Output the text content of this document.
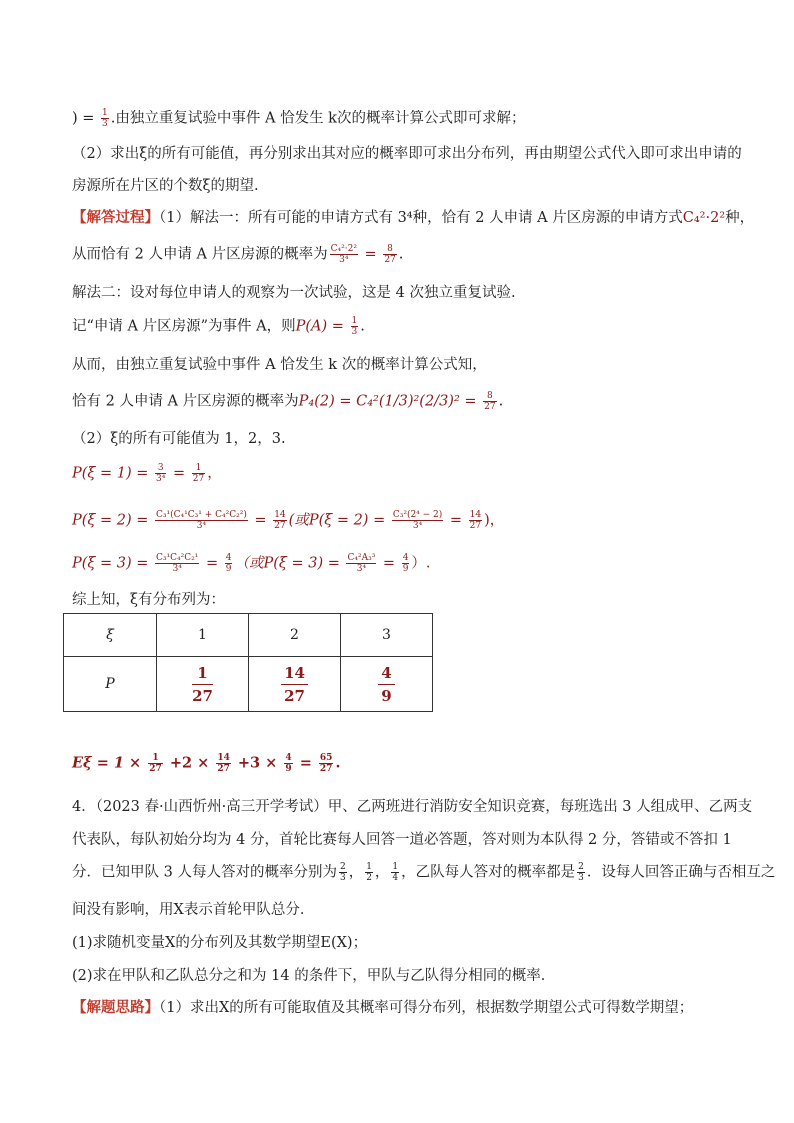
) = $\frac{1}{3}$ .由独立重复试验中事件 A 恰发生 k次的概率计算公式即可求解；
（2）求出ξ的所有可能值，再分别求出其对应的概率即可求出分布列，再由期望公式代入即可求出申请的
房源所在片区的个数ξ的期望.
【解答过程】（1）解法一：所有可能的申请方式有 3⁴种，恰有 2 人申请 A 片区房源的申请方式C₄²·2²种，
从而恰有 2 人申请 A 片区房源的概率为 $\frac{\text{C₄²·2²}}{\text{3⁴}} = \frac{8}{27}$ .
解法二：设对每位申请人的观察为一次试验，这是 4 次独立重复试验.
记“申请 A 片区房源”为事件 A，则$P(A) = \frac{1}{3}$ .
从而，由独立重复试验中事件 A 恰发生 k 次的概率计算公式知，
恰有 2 人申请 A 片区房源的概率为$P_4(2) = C_4^2(1/3)^2(2/3)^2 = \frac{8}{27}$ .
（2）ξ的所有可能值为 1，2，3.
$P(\xi = 1) = \frac{3}{\text{3⁴}} = \frac{1}{27}$ ，
$P(\xi = 2) = \frac{\text{C₃¹(C₄¹C₃¹ + C₄²C₂²)}}{\text{3⁴}} = \frac{14}{27}$ (或$P(\xi = 2) = \frac{\text{C₃²(2⁴ − 2)}}{\text{3⁴}} = \frac{14}{27}$ )，
$P(\xi = 3) = \frac{\text{C₃¹C₄²C₂¹}}{\text{3⁴}} = \frac{4}{9}$ （或$P(\xi = 3) = \frac{\text{C₄²A₃³}}{\text{3⁴}} = \frac{4}{9}$ ）.
综上知，ξ有分布列为：
ξ	1	2	3
P	$\frac{1}{27}$	$\frac{14}{27}$	$\frac{4}{9}$
$E\xi = 1 \times \frac{1}{27} +2 \times \frac{14}{27} +3 \times \frac{4}{9} = \frac{65}{27}$ .
4．（2023 春·山西忻州·高三开学考试）甲、乙两班进行消防安全知识竞赛，每班选出 3 人组成甲、乙两支
代表队，每队初始分均为 4 分，首轮比赛每人回答一道必答题，答对则为本队得 2 分，答错或不答扣 1
分．已知甲队 3 人每人答对的概率分别为 $\frac{2}{3}$ ， $\frac{1}{2}$ ， $\frac{1}{4}$ ，乙队每人答对的概率都是 $\frac{2}{3}$ ．设每人回答正确与否相互之
间没有影响，用X表示首轮甲队总分．
(1)求随机变量X的分布列及其数学期望E(X)；
(2)求在甲队和乙队总分之和为 14 的条件下，甲队与乙队得分相同的概率．
【解题思路】（1）求出X的所有可能取值及其概率可得分布列，根据数学期望公式可得数学期望；
